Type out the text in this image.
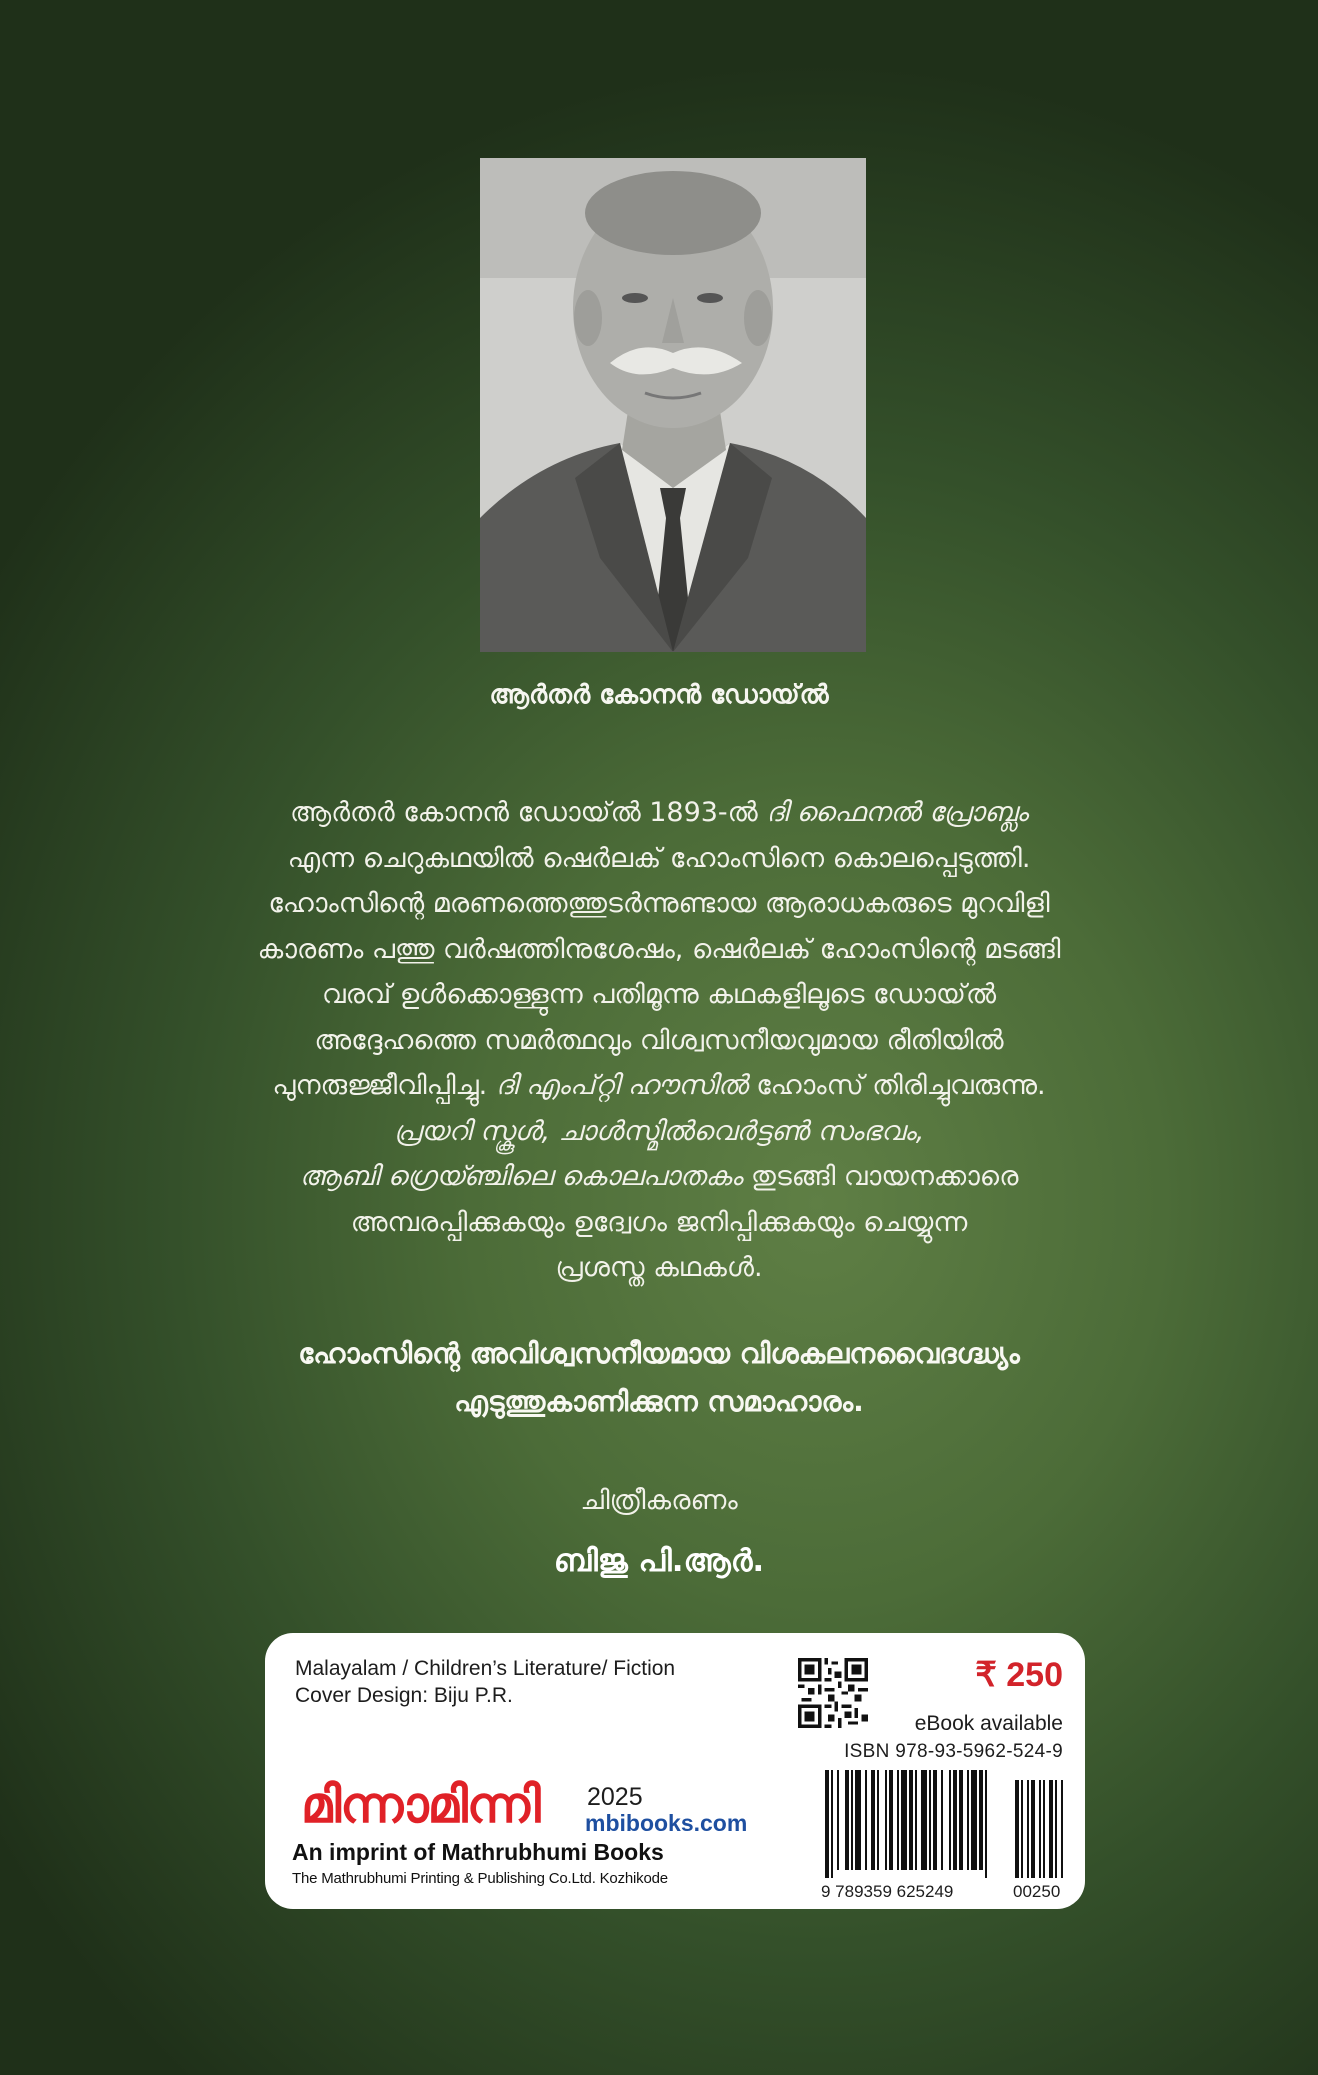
ആർതർ കോനൻ ഡോയ്‌ൽ
ആർതർ കോനൻ ഡോയ്‌ൽ 1893-ൽ ദി ഫൈനൽ പ്രോബ്ലം
എന്ന ചെറുകഥയിൽ ഷെർലക് ഹോംസിനെ കൊലപ്പെടുത്തി.
ഹോംസിന്റെ മരണത്തെത്തുടർന്നുണ്ടായ ആരാധകരുടെ മുറവിളി
കാരണം പത്തു വർഷത്തിനുശേഷം, ഷെർലക് ഹോംസിന്റെ മടങ്ങി
വരവ് ഉൾക്കൊള്ളുന്ന പതിമൂന്നു കഥകളിലൂടെ ഡോയ്‌ൽ
അദ്ദേഹത്തെ സമർത്ഥവും വിശ്വസനീയവുമായ രീതിയിൽ
പുനരുജ്ജീവിപ്പിച്ചു. ദി എംപ്റ്റി ഹൗസിൽ ഹോംസ് തിരിച്ചുവരുന്നു.
പ്രയറി സ്കൂൾ, ചാൾസ്മിൽവെർട്ടൺ സംഭവം,
ആബി ഗ്രെയ്ഞ്ചിലെ കൊലപാതകം തുടങ്ങി വായനക്കാരെ
അമ്പരപ്പിക്കുകയും ഉദ്വേഗം ജനിപ്പിക്കുകയും ചെയ്യുന്ന
പ്രശസ്ത കഥകൾ.
ഹോംസിന്റെ അവിശ്വസനീയമായ വിശകലനവൈദഗ്ദ്ധ്യം
എടുത്തുകാണിക്കുന്ന സമാഹാരം.
ചിത്രീകരണം
ബിജു പി.ആർ.
Malayalam / Children’s Literature/ Fiction
Cover Design: Biju P.R.
₹ 250
eBook available
ISBN 978-93-5962-524-9
9 789359 625249	00250
മിന്നാമിന്നി 2025
mbibooks.com
An imprint of Mathrubhumi Books
The Mathrubhumi Printing & Publishing Co.Ltd. Kozhikode
